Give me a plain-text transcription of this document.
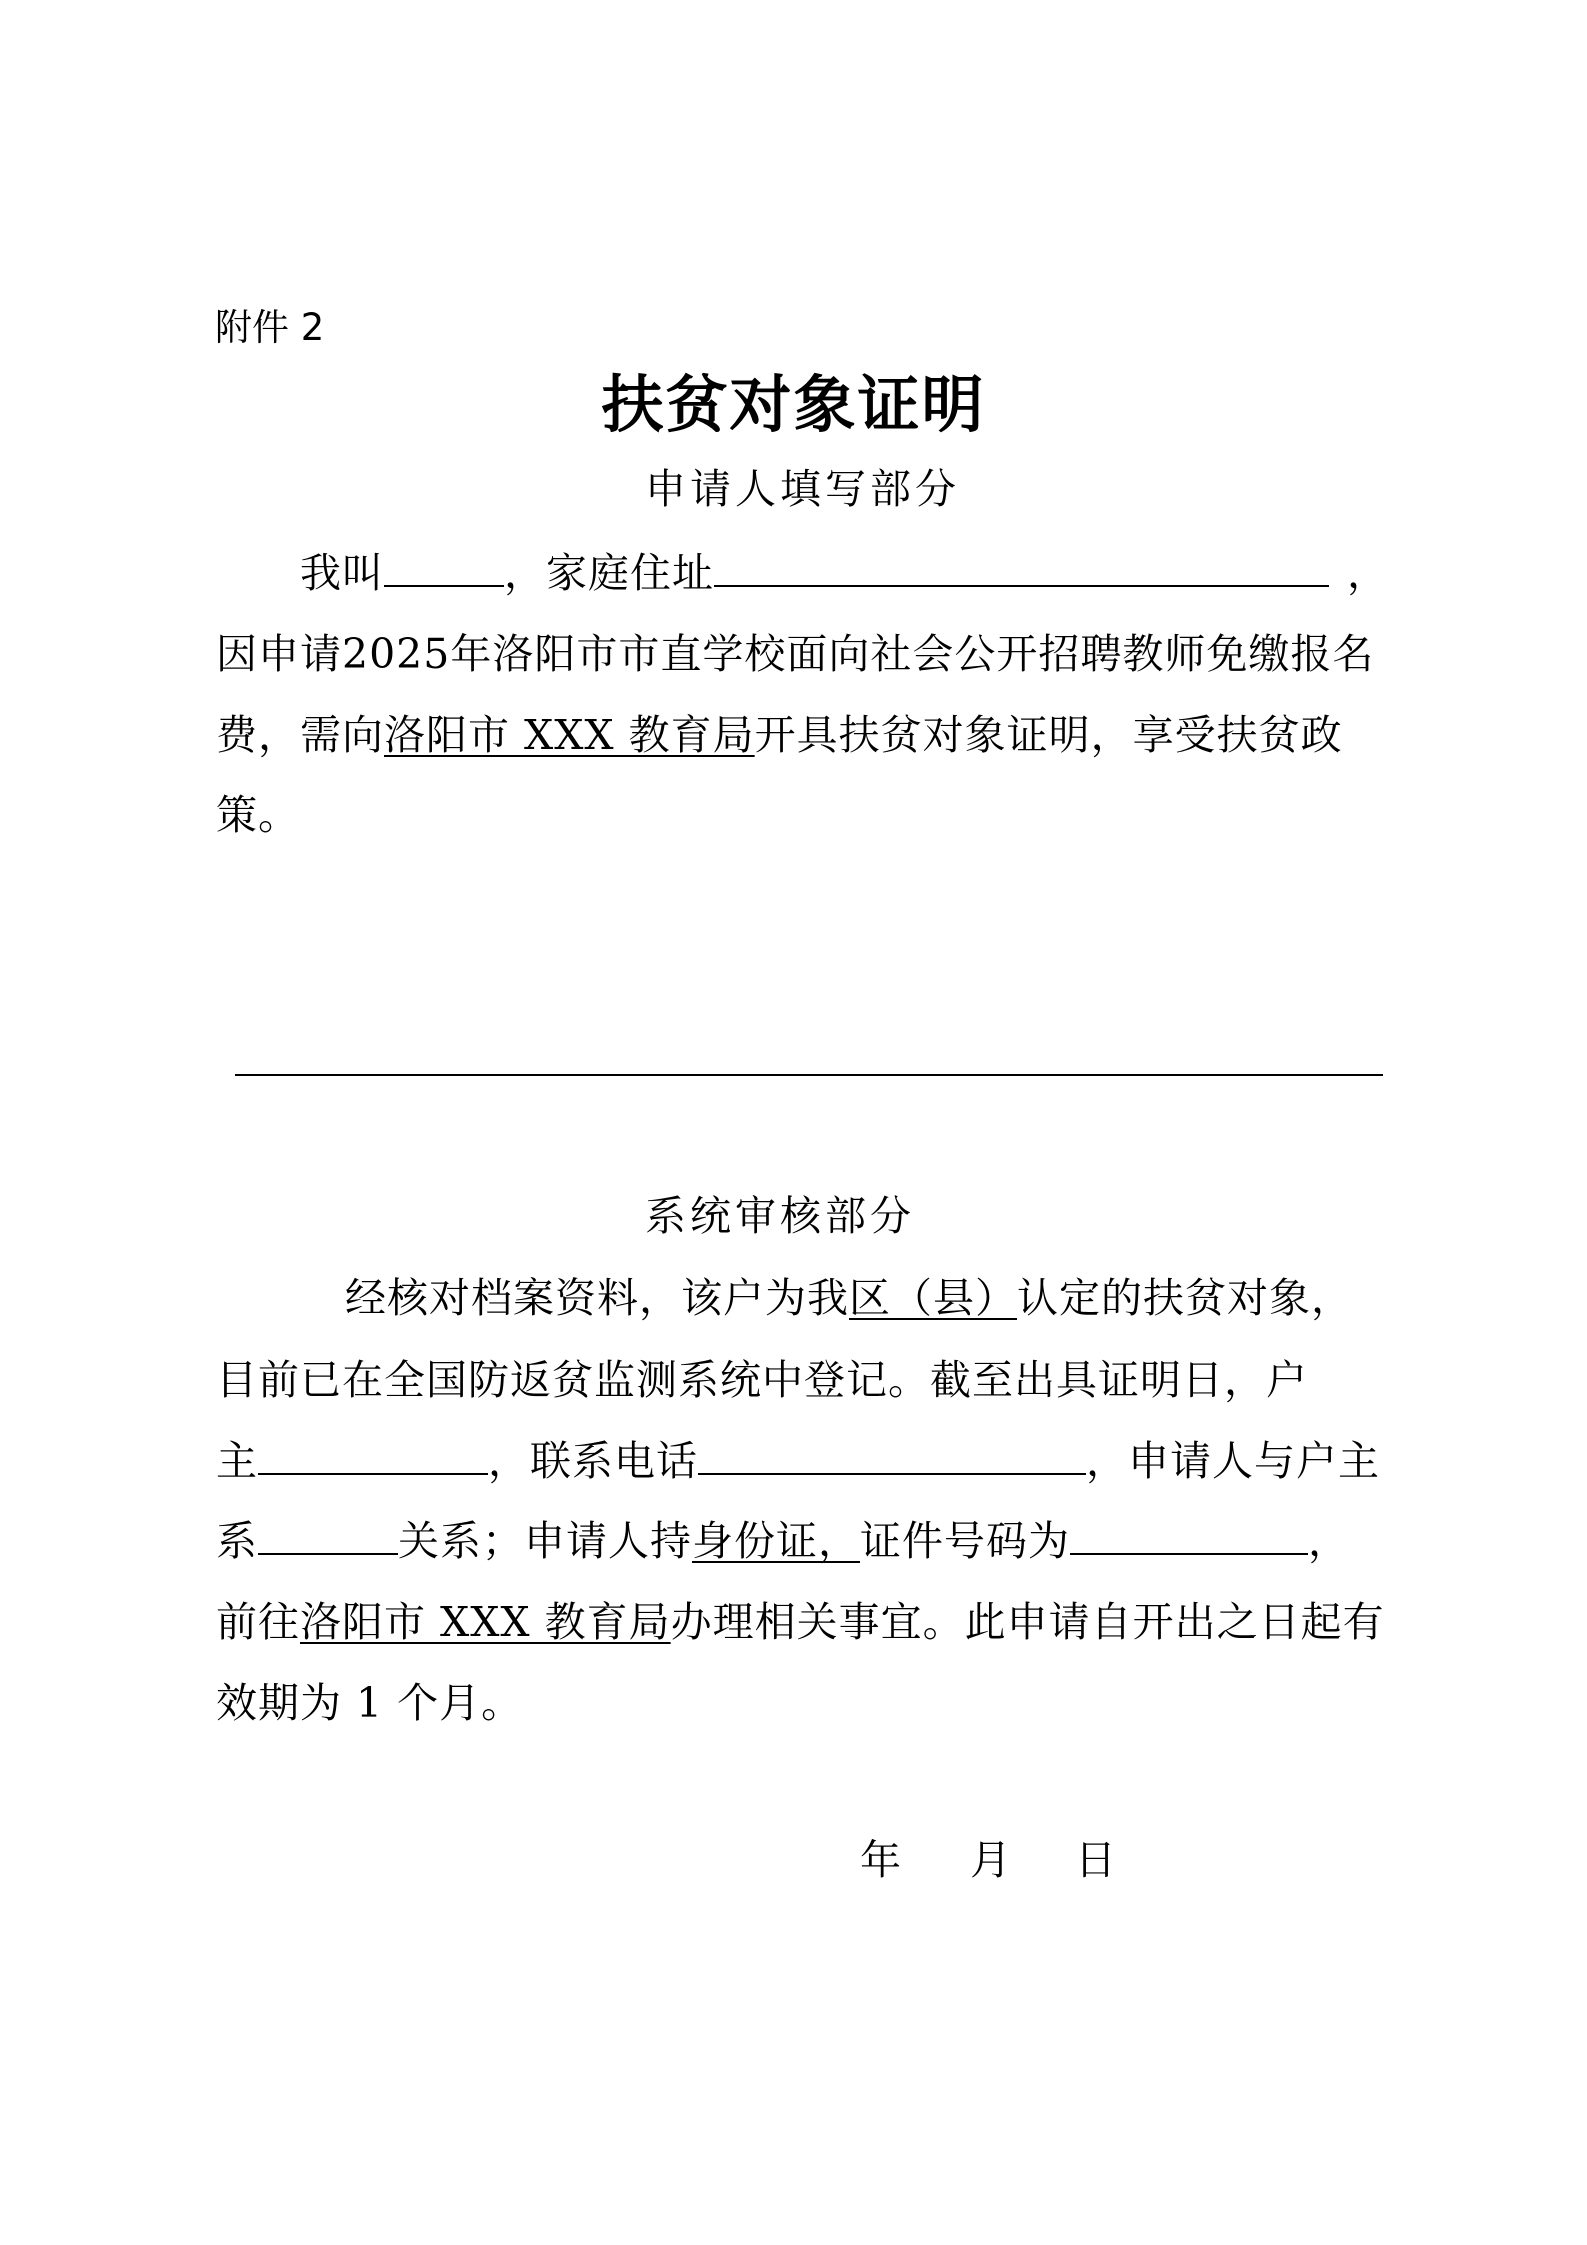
附件 2
扶贫对象证明
申请人填写部分
我叫	，家庭住址	，
因申请2025年洛阳市市直学校面向社会公开招聘教师免缴报名
费，需向洛阳市 XXX 教育局开具扶贫对象证明，享受扶贫政
策。
系统审核部分
经核对档案资料，该户为我区（县）认定的扶贫对象，
目前已在全国防返贫监测系统中登记。截至出具证明日，户
主	，联系电话	，申请人与户主
系	关系；申请人持身份证，证件号码为	，
前往洛阳市 XXX 教育局办理相关事宜。此申请自开出之日起有
效期为 1 个月。
年 月 日
